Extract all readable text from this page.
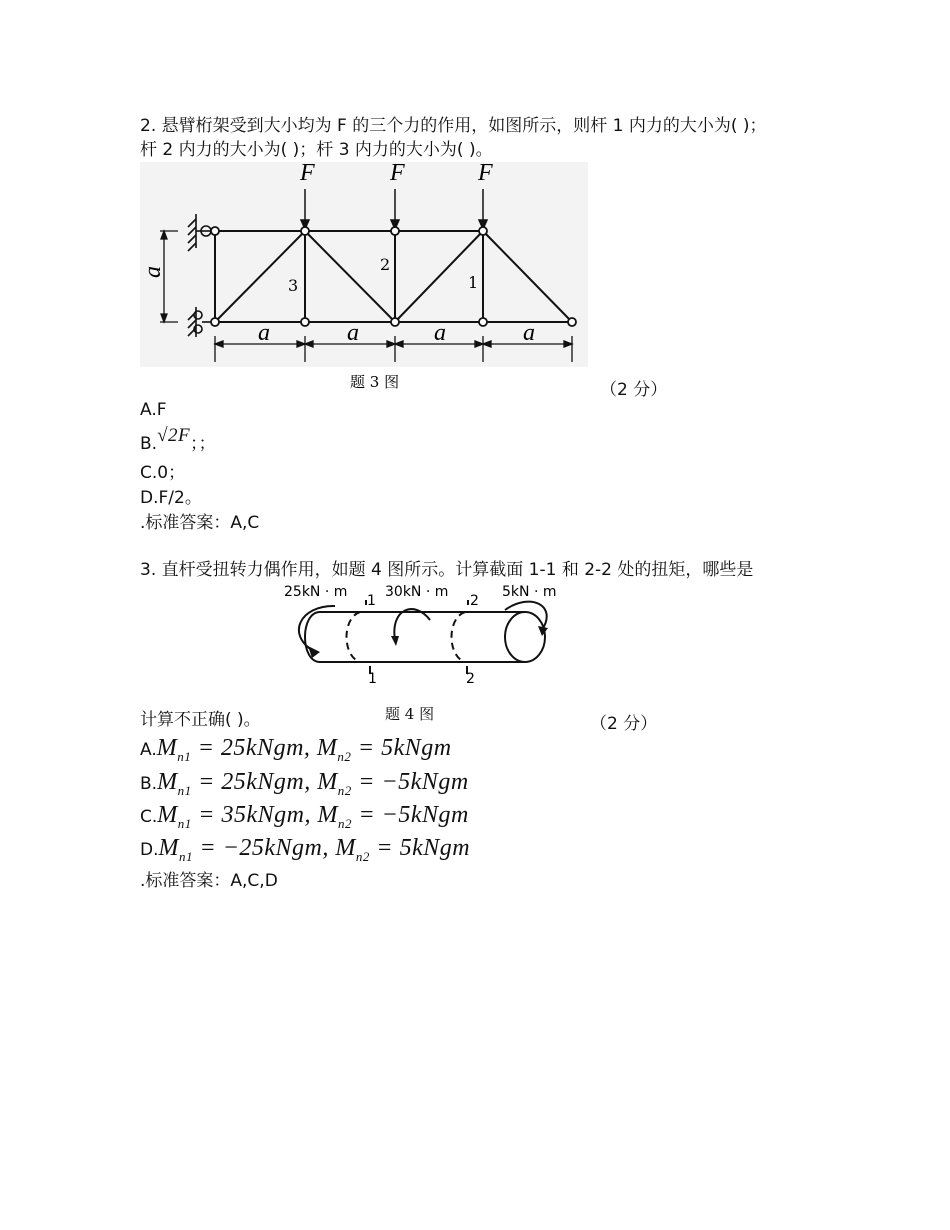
2. 悬臂桁架受到大小均为 F 的三个力的作用，如图所示，则杆 1 内力的大小为( )；
杆 2 内力的大小为( )；杆 3 内力的大小为( )。
F	F	F
3
2
1
a
a	a	a	a
题 3 图	（2 分）
A.F
B.√2F；；
C.0；
D.F/2。
.标准答案：A,C
3. 直杆受扭转力偶作用，如题 4 图所示。计算截面 1-1 和 2-2 处的扭矩，哪些是
25kN · m	30kN · m	5kN · m
1	2
1	2
计算不正确( )。	题 4 图	（2 分）
$A.M_{n1}$ = 25kNgm, $M_{n2}$ = 5kNgm
$B.M_{n1}$ = 25kNgm, $M_{n2}$ = −5kNgm
$C.M_{n1}$ = 35kNgm, $M_{n2}$ = −5kNgm
$D.M_{n1}$ = −25kNgm, $M_{n2}$ = 5kNgm
.标准答案：A,C,D
